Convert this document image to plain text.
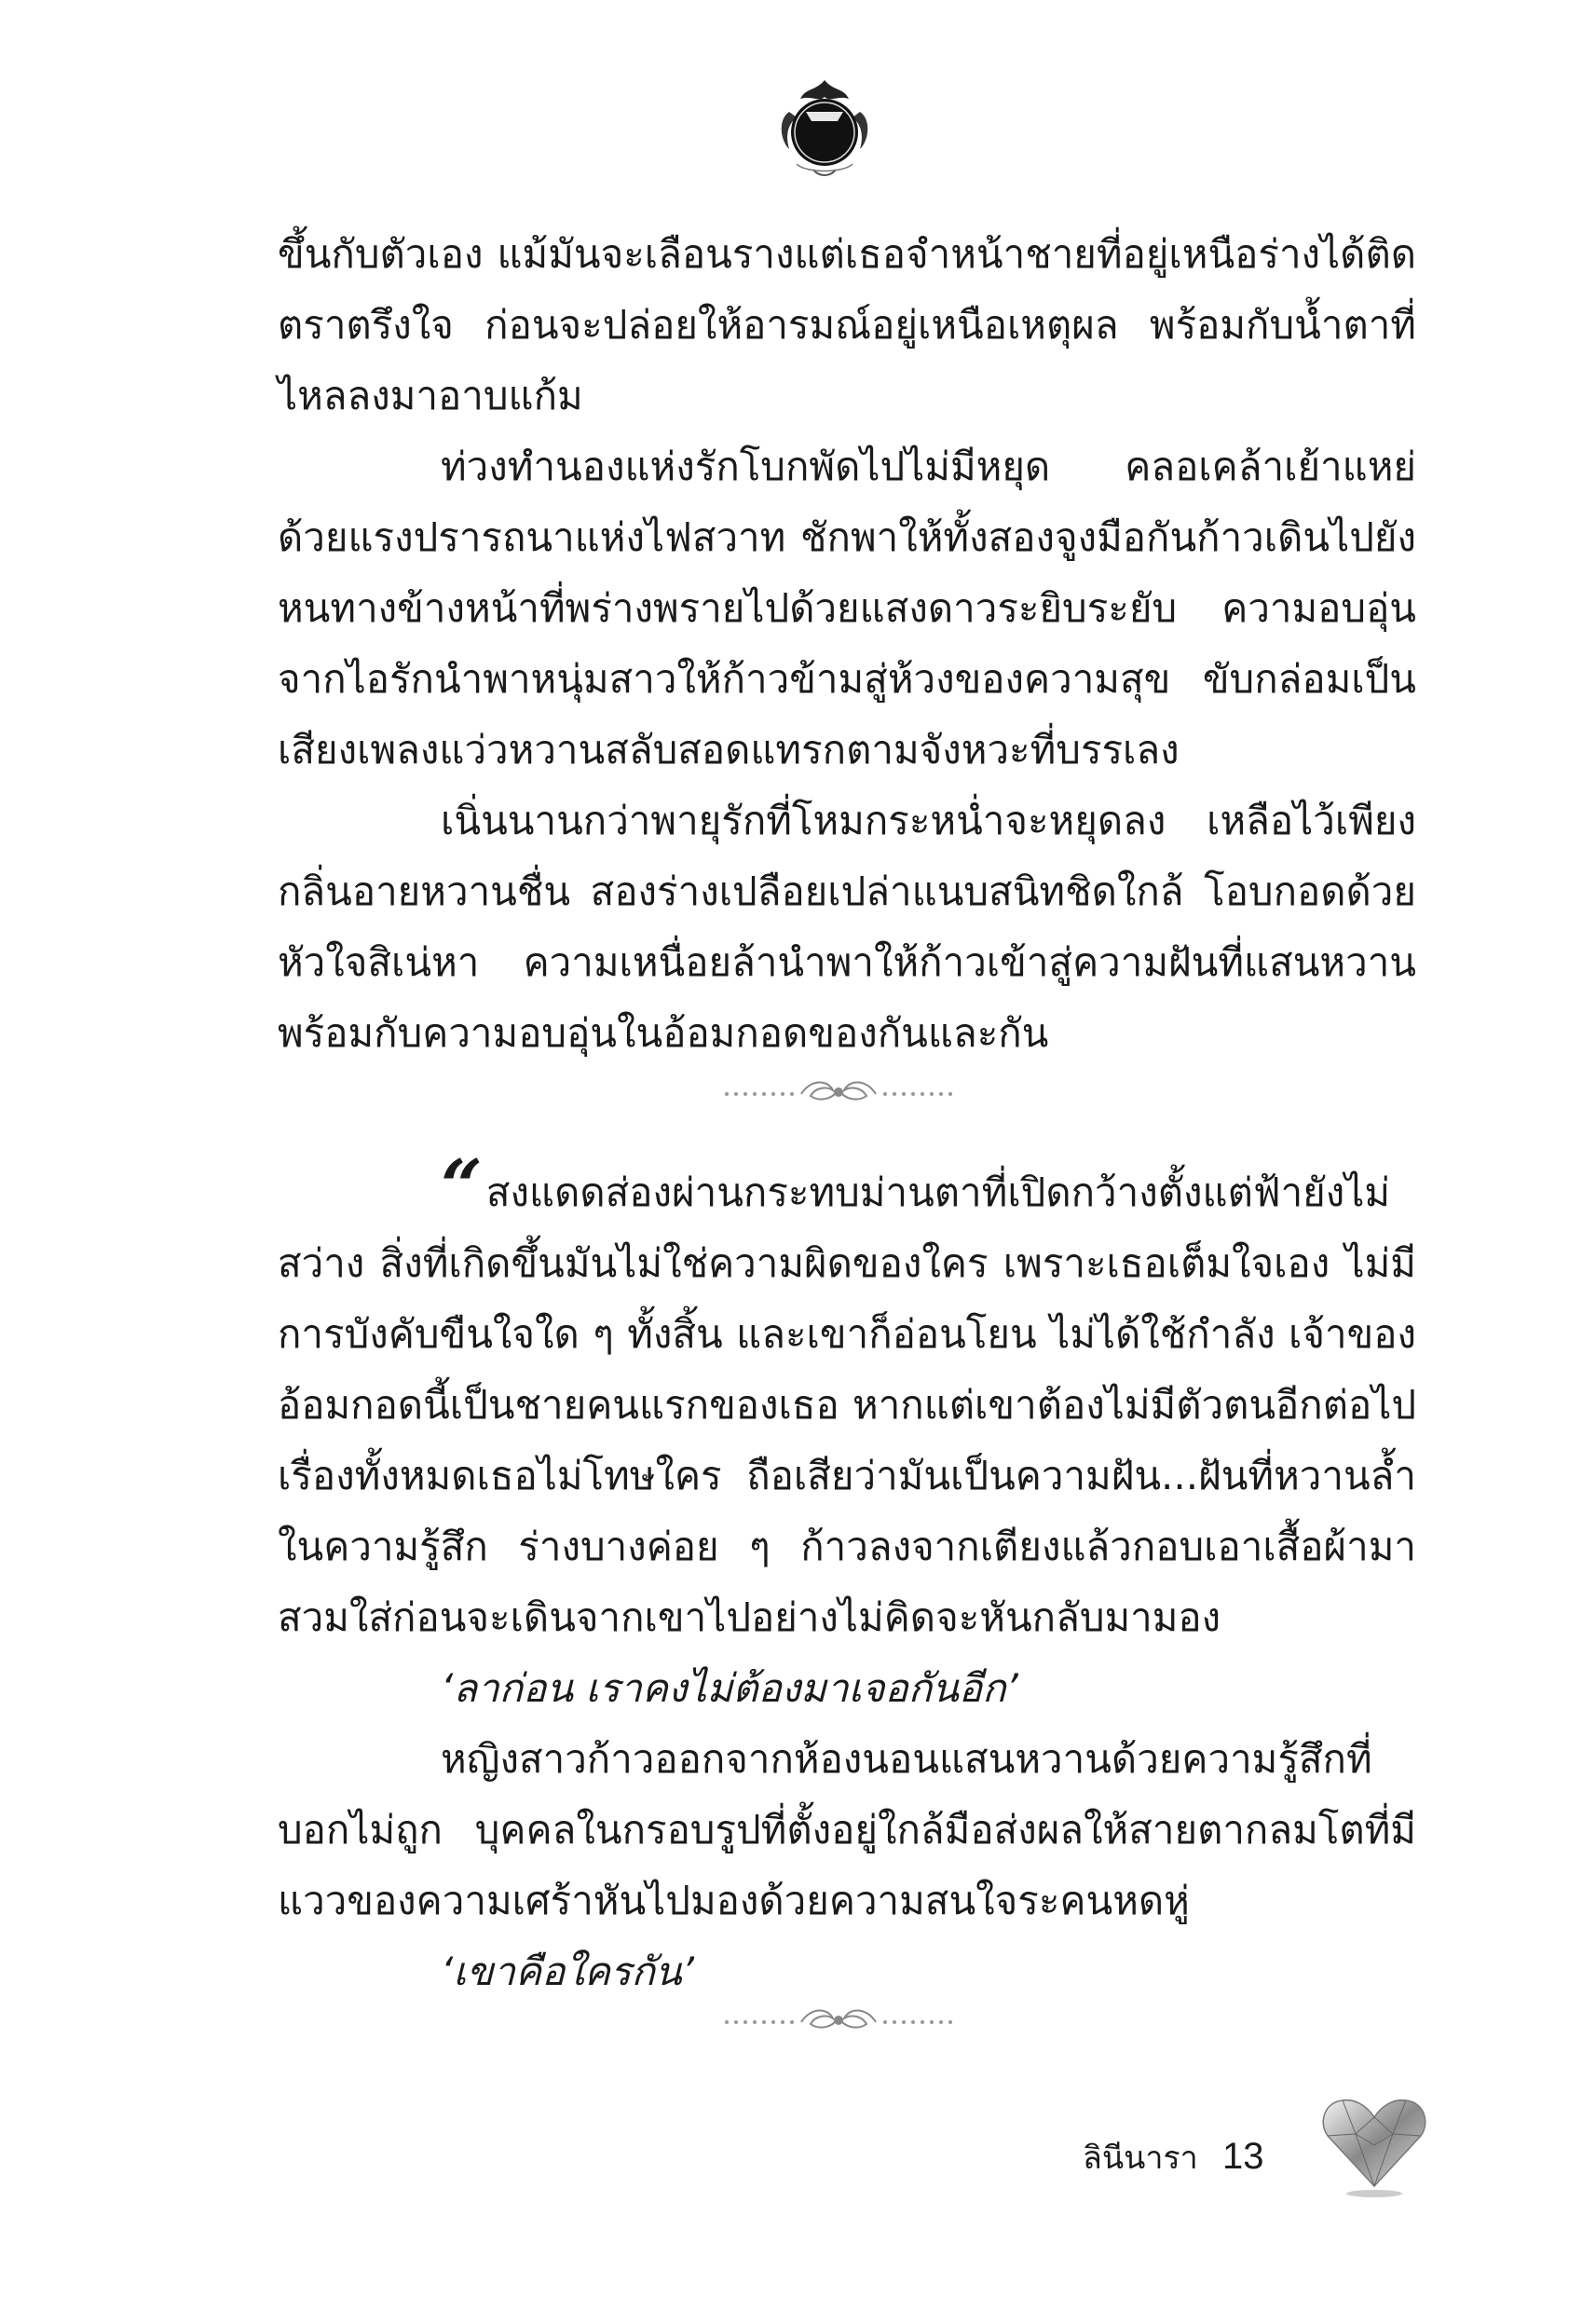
ขึ้นกับตัวเอง แม้มันจะเลือนรางแต่เธอจำหน้าชายที่อยู่เหนือร่างได้ติดตราตรึงใจ ก่อนจะปล่อยให้อารมณ์อยู่เหนือเหตุผล พร้อมกับน้ำตาที่ไหลลงมาอาบแก้ม

ท่วงทำนองแห่งรักโบกพัดไปไม่มีหยุด คลอเคล้าเย้าแหย่ด้วยแรงปรารถนาแห่งไฟสวาท ชักพาให้ทั้งสองจูงมือกันก้าวเดินไปยังหนทางข้างหน้าที่พร่างพรายไปด้วยแสงดาวระยิบระยับ ความอบอุ่นจากไอรักนำพาหนุ่มสาวให้ก้าวข้ามสู่ห้วงของความสุข ขับกล่อมเป็นเสียงเพลงแว่วหวานสลับสอดแทรกตามจังหวะที่บรรเลง

เนิ่นนานกว่าพายุรักที่โหมกระหน่ำจะหยุดลง เหลือไว้เพียงกลิ่นอายหวานชื่น สองร่างเปลือยเปล่าแนบสนิทชิดใกล้ โอบกอดด้วยหัวใจสิเน่หา ความเหนื่อยล้านำพาให้ก้าวเข้าสู่ความฝันที่แสนหวานพร้อมกับความอบอุ่นในอ้อมกอดของกันและกัน

“สงแดดส่องผ่านกระทบม่านตาที่เปิดกว้างตั้งแต่ฟ้ายังไม่สว่าง สิ่งที่เกิดขึ้นมันไม่ใช่ความผิดของใคร เพราะเธอเต็มใจเอง ไม่มีการบังคับขืนใจใด ๆ ทั้งสิ้น และเขาก็อ่อนโยน ไม่ได้ใช้กำลัง เจ้าของอ้อมกอดนี้เป็นชายคนแรกของเธอ หากแต่เขาต้องไม่มีตัวตนอีกต่อไป เรื่องทั้งหมดเธอไม่โทษใคร ถือเสียว่ามันเป็นความฝัน...ฝันที่หวานล้ำในความรู้สึก ร่างบางค่อย ๆ ก้าวลงจากเตียงแล้วกอบเอาเสื้อผ้ามาสวมใส่ก่อนจะเดินจากเขาไปอย่างไม่คิดจะหันกลับมามอง

‘ลาก่อน เราคงไม่ต้องมาเจอกันอีก’

หญิงสาวก้าวออกจากห้องนอนแสนหวานด้วยความรู้สึกที่บอกไม่ถูก บุคคลในกรอบรูปที่ตั้งอยู่ใกล้มือส่งผลให้สายตากลมโตที่มีแววของความเศร้าหันไปมองด้วยความสนใจระคนหดหู่

‘เขาคือใครกัน’

ลินีนารา 13
